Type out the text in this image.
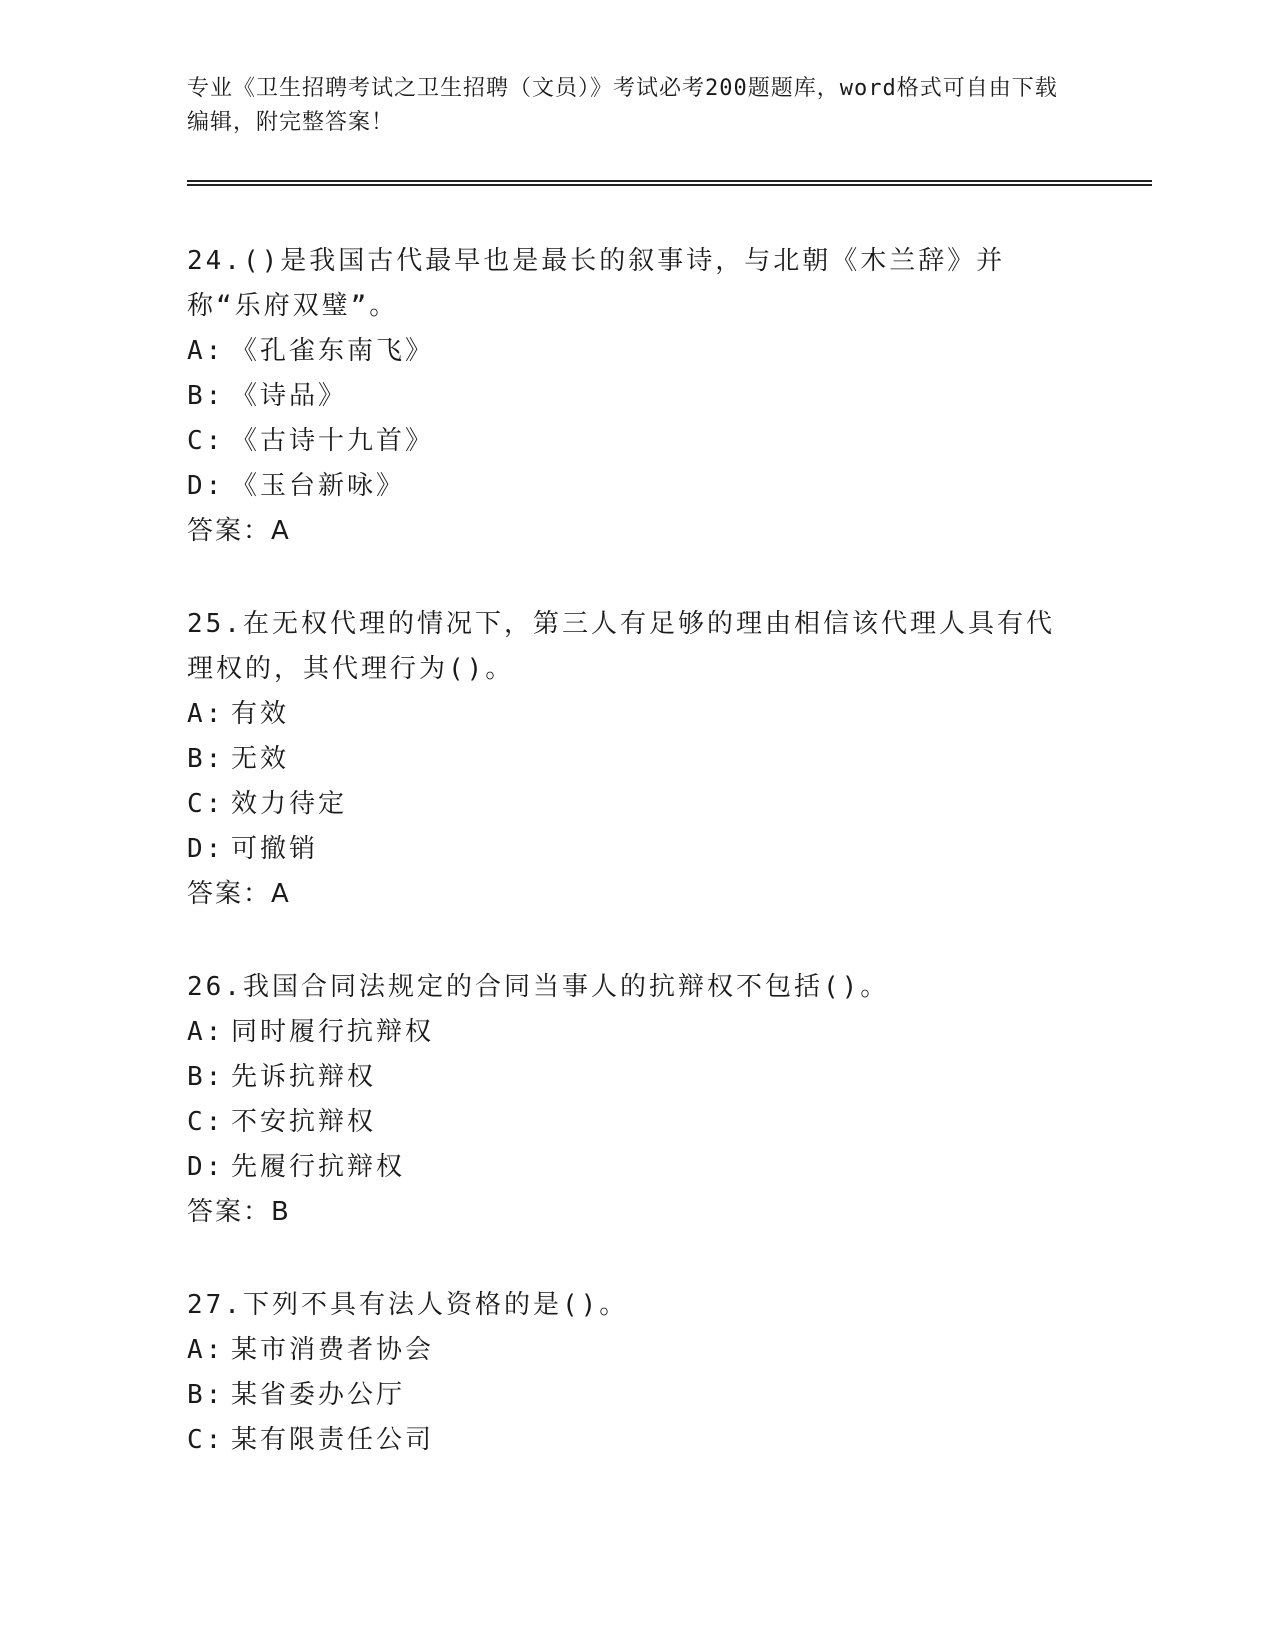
专业《卫生招聘考试之卫生招聘（文员）》考试必考200题题库，word格式可自由下载编辑，附完整答案！
24.()是我国古代最早也是最长的叙事诗，与北朝《木兰辞》并称“乐府双璧”。
A: 《孔雀东南飞》
B: 《诗品》
C: 《古诗十九首》
D: 《玉台新咏》
答案：A
25.在无权代理的情况下，第三人有足够的理由相信该代理人具有代理权的，其代理行为()。
A: 有效
B: 无效
C: 效力待定
D: 可撤销
答案：A
26.我国合同法规定的合同当事人的抗辩权不包括()。
A: 同时履行抗辩权
B: 先诉抗辩权
C: 不安抗辩权
D: 先履行抗辩权
答案：B
27.下列不具有法人资格的是()。
A: 某市消费者协会
B: 某省委办公厅
C: 某有限责任公司
